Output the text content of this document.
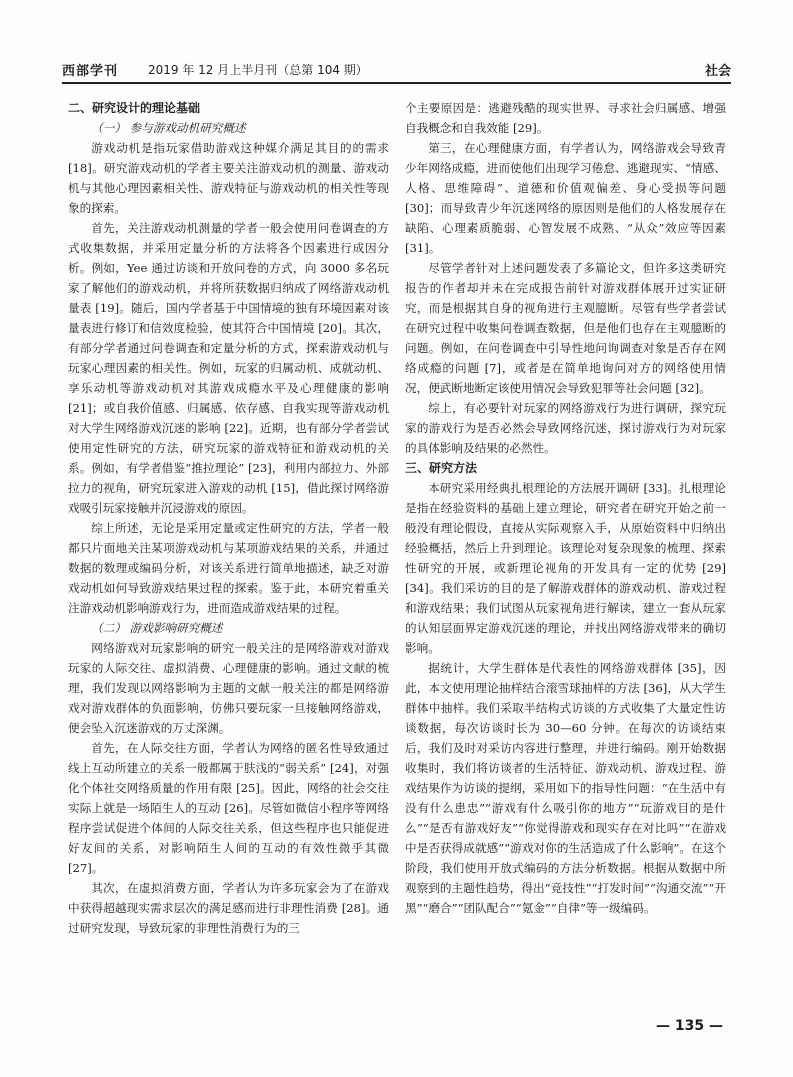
西部学刊 2019 年 12 月上半月刊（总第 104 期）	社会
二、研究设计的理论基础
（一） 参与游戏动机研究概述

游戏动机是指玩家借助游戏这种媒介满足其目的的需求 [18]。研究游戏动机的学者主要关注游戏动机的测量、游戏动机与其他心理因素相关性、游戏特征与游戏动机的相关性等现象的探索。

首先，关注游戏动机测量的学者一般会使用问卷调查的方式收集数据，并采用定量分析的方法将各个因素进行成因分析。例如，Yee 通过访谈和开放问卷的方式，向 3000 多名玩家了解他们的游戏动机，并将所获数据归纳成了网络游戏动机量表 [19]。随后，国内学者基于中国情境的独有环境因素对该量表进行修订和信效度检验，使其符合中国情境 [20]。其次，有部分学者通过问卷调查和定量分析的方式，探索游戏动机与玩家心理因素的相关性。例如，玩家的归属动机、成就动机、享乐动机等游戏动机对其游戏成瘾水平及心理健康的影响 [21]；或自我价值感、归属感、依存感、自我实现等游戏动机对大学生网络游戏沉迷的影响 [22]。近期，也有部分学者尝试使用定性研究的方法，研究玩家的游戏特征和游戏动机的关系。例如，有学者借鉴“推拉理论” [23]，利用内部拉力、外部拉力的视角，研究玩家进入游戏的动机 [15]，借此探讨网络游戏吸引玩家接触并沉浸游戏的原因。

综上所述，无论是采用定量或定性研究的方法，学者一般都只片面地关注某项游戏动机与某项游戏结果的关系，并通过数据的数理或编码分析，对该关系进行简单地描述，缺乏对游戏动机如何导致游戏结果过程的探索。鉴于此，本研究着重关注游戏动机影响游戏行为，进而造成游戏结果的过程。

（二） 游戏影响研究概述

网络游戏对玩家影响的研究一般关注的是网络游戏对游戏玩家的人际交往、虚拟消费、心理健康的影响。通过文献的梳理，我们发现以网络影响为主题的文献一般关注的都是网络游戏对游戏群体的负面影响，仿佛只要玩家一旦接触网络游戏，便会坠入沉迷游戏的万丈深渊。

首先，在人际交往方面，学者认为网络的匿名性导致通过线上互动所建立的关系一般都属于肤浅的“弱关系” [24]，对强化个体社交网络质量的作用有限 [25]。因此，网络的社会交往实际上就是一场陌生人的互动 [26]。尽管如微信小程序等网络程序尝试促进个体间的人际交往关系，但这些程序也只能促进好友间的关系，对影响陌生人间的互动的有效性微乎其微 [27]。

其次，在虚拟消费方面，学者认为许多玩家会为了在游戏中获得超越现实需求层次的满足感而进行非理性消费 [28]。通过研究发现，导致玩家的非理性消费行为的三

个主要原因是：逃避残酷的现实世界、寻求社会归属感、增强自我概念和自我效能 [29]。

第三，在心理健康方面，有学者认为，网络游戏会导致青少年网络成瘾，进而使他们出现学习倦怠、逃避现实、“情感、人格、思维障碍”、道德和价值观偏差、身心受损等问题 [30]；而导致青少年沉迷网络的原因则是他们的人格发展存在缺陷、心理素质脆弱、心智发展不成熟、“从众”效应等因素 [31]。

尽管学者针对上述问题发表了多篇论文，但许多这类研究报告的作者却并未在完成报告前针对游戏群体展开过实证研究，而是根据其自身的视角进行主观臆断。尽管有些学者尝试在研究过程中收集问卷调查数据，但是他们也存在主观臆断的问题。例如，在问卷调查中引导性地问询调查对象是否存在网络成瘾的问题 [7]，或者是在简单地询问对方的网络使用情况，便武断地断定该使用情况会导致犯罪等社会问题 [32]。

综上，有必要针对玩家的网络游戏行为进行调研，探究玩家的游戏行为是否必然会导致网络沉迷，探讨游戏行为对玩家的具体影响及结果的必然性。

三、研究方法

本研究采用经典扎根理论的方法展开调研 [33]。扎根理论是指在经验资料的基础上建立理论，研究者在研究开始之前一般没有理论假设，直接从实际观察入手，从原始资料中归纳出经验概括，然后上升到理论。该理论对复杂现象的梳理、探索性研究的开展，或新理论视角的开发具有一定的优势 [29][34]。我们采访的目的是了解游戏群体的游戏动机、游戏过程和游戏结果；我们试图从玩家视角进行解读，建立一套从玩家的认知层面界定游戏沉迷的理论，并找出网络游戏带来的确切影响。

据统计，大学生群体是代表性的网络游戏群体 [35]，因此，本文使用理论抽样结合滚雪球抽样的方法 [36]，从大学生群体中抽样。我们采取半结构式访谈的方式收集了大量定性访谈数据，每次访谈时长为 30—60 分钟。在每次的访谈结束后，我们及时对采访内容进行整理，并进行编码。刚开始数据收集时，我们将访谈者的生活特征、游戏动机、游戏过程、游戏结果作为访谈的提纲，采用如下的指导性问题：“在生活中有没有什么患忠”“游戏有什么吸引你的地方”“玩游戏目的是什么”“是否有游戏好友”“你觉得游戏和现实存在对比吗”“在游戏中是否获得成就感”“游戏对你的生活造成了什么影响”。在这个阶段，我们使用开放式编码的方法分析数据。根据从数据中所观察到的主题性趋势，得出“竞技性”“打发时间”“沟通交流”“开黑”“磨合”“团队配合”“氪金”“自律”等一级编码。

— 135 —
